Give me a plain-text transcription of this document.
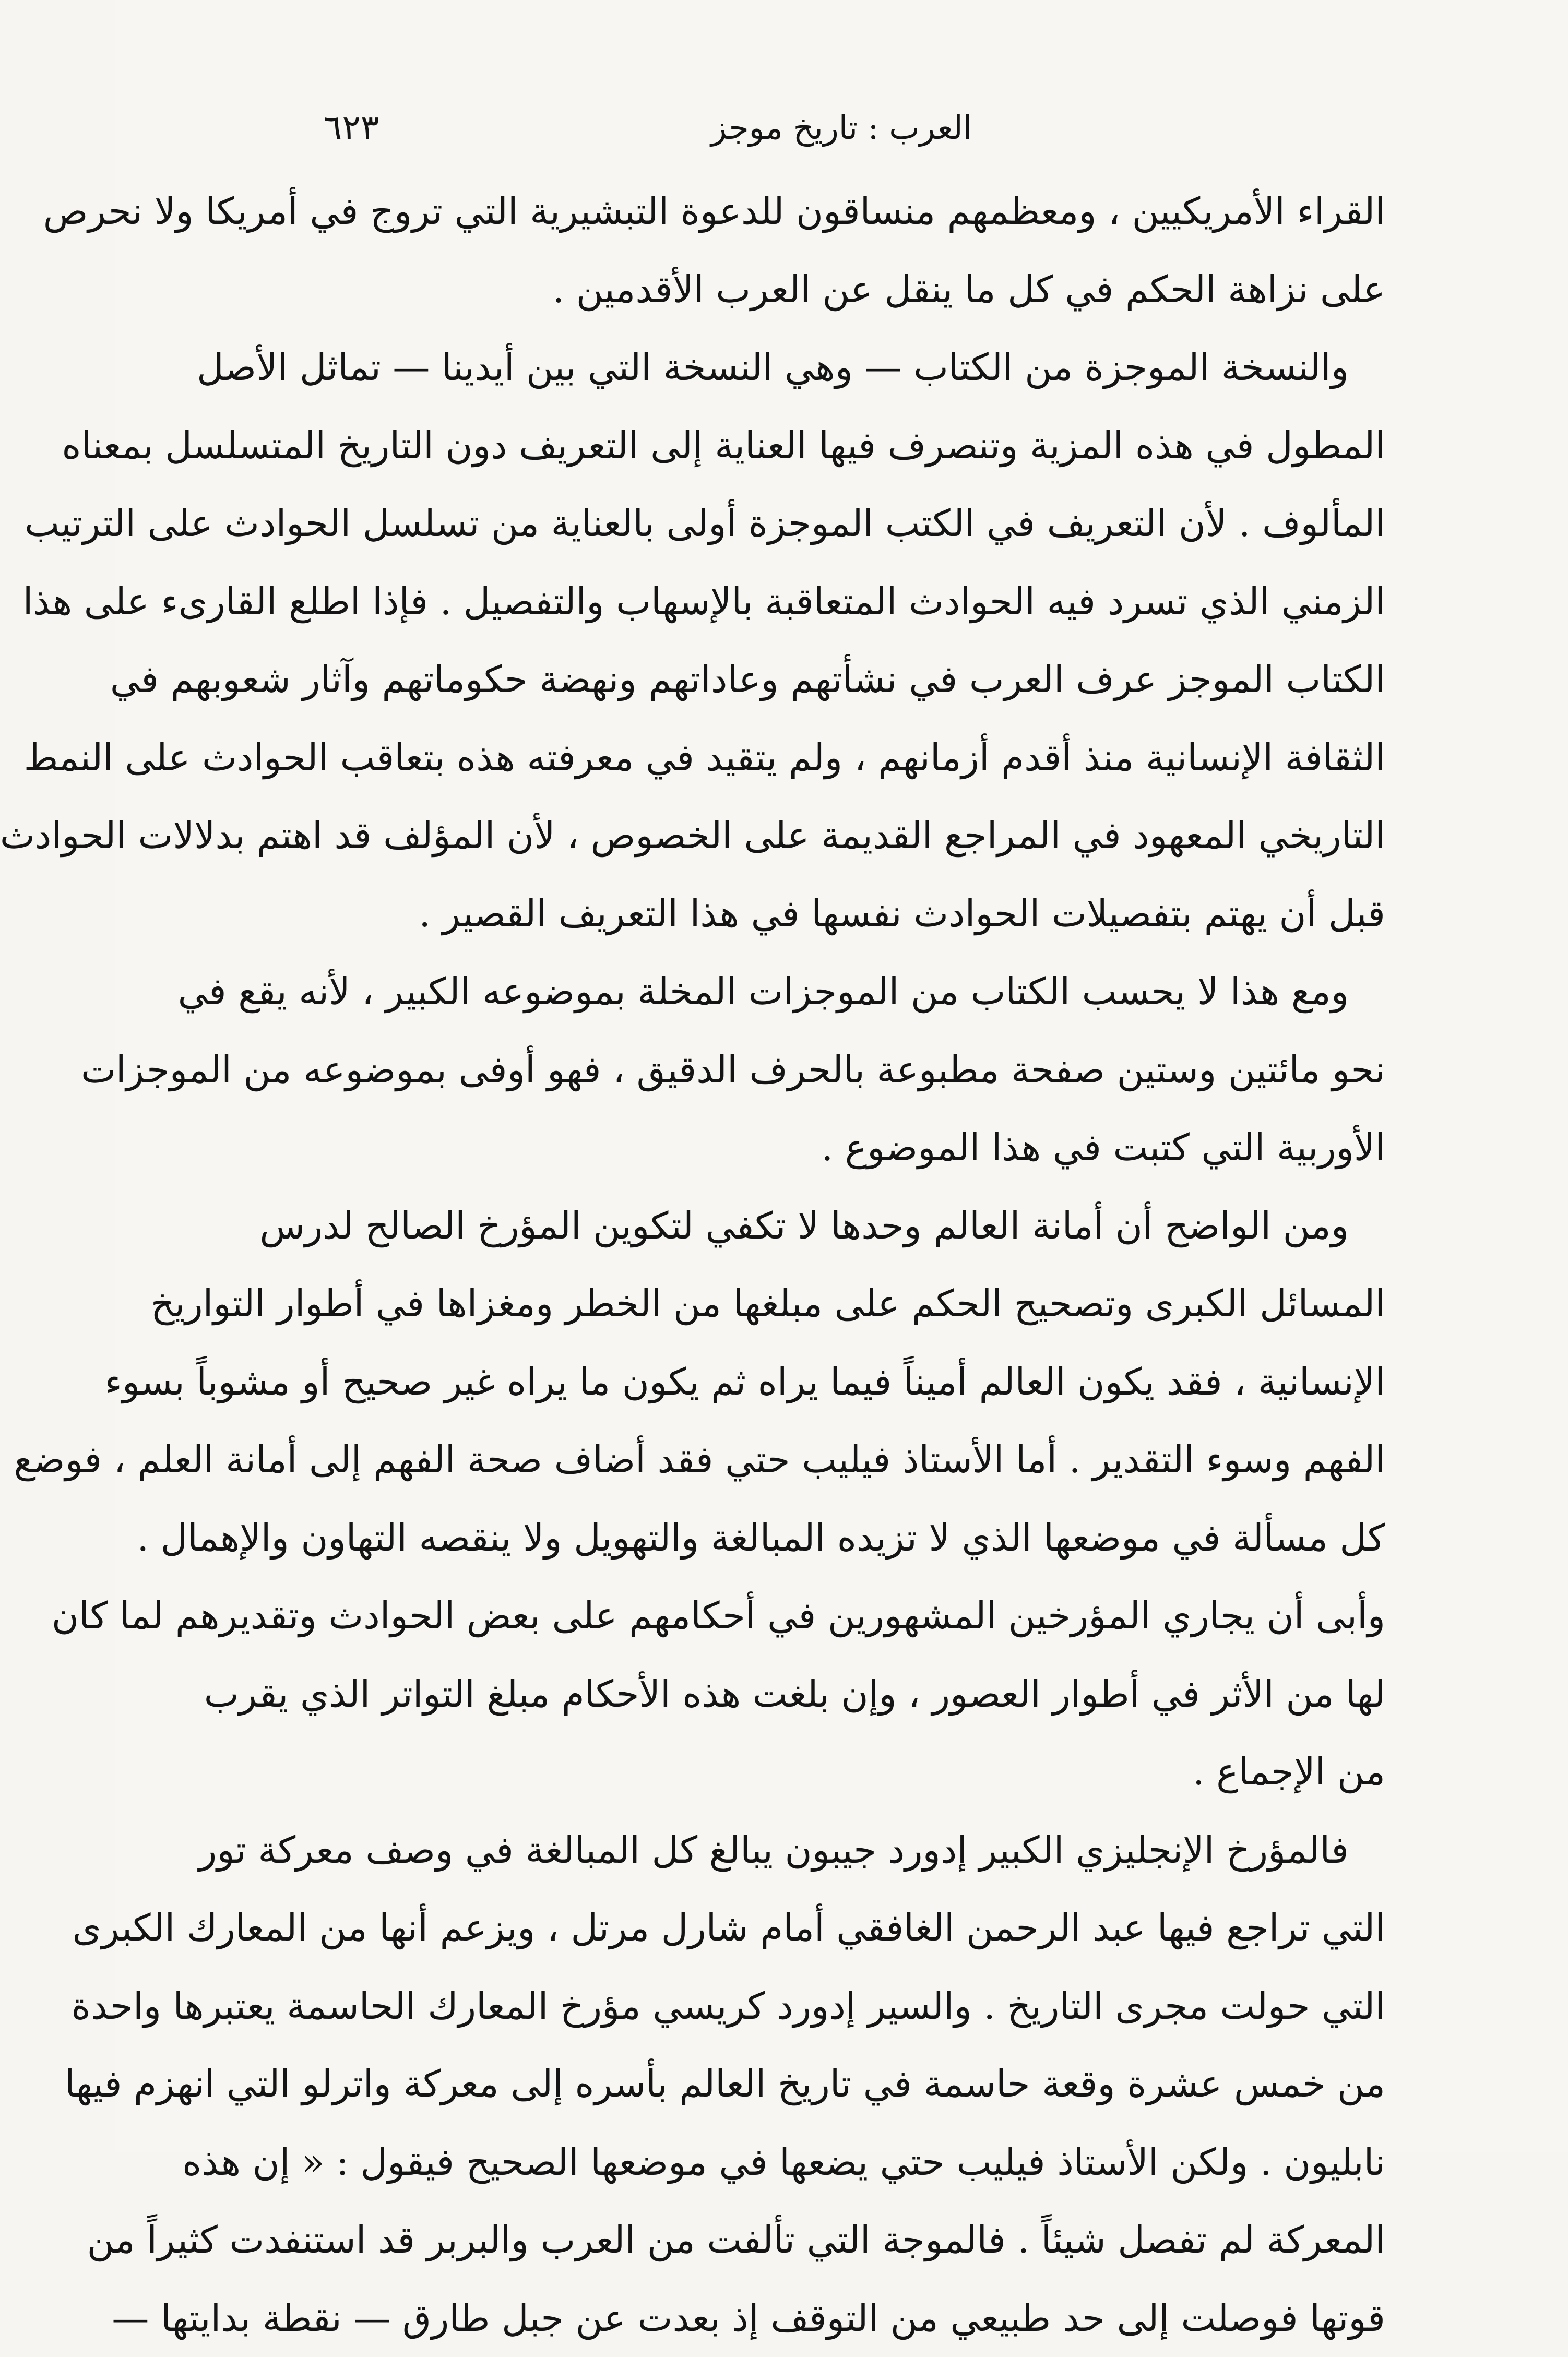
العرب : تاريخ موجز
٦٢٣
القراء الأمريكيين ، ومعظمهم منساقون للدعوة التبشيرية التي تروج في أمريكا ولا نحرص
على نزاهة الحكم في كل ما ينقل عن العرب الأقدمين .
والنسخة الموجزة من الكتاب — وهي النسخة التي بين أيدينا — تماثل الأصل
المطول في هذه المزية وتنصرف فيها العناية إلى التعريف دون التاريخ المتسلسل بمعناه
المألوف . لأن التعريف في الكتب الموجزة أولى بالعناية من تسلسل الحوادث على الترتيب
الزمني الذي تسرد فيه الحوادث المتعاقبة بالإسهاب والتفصيل . فإذا اطلع القارىء على هذا
الكتاب الموجز عرف العرب في نشأتهم وعاداتهم ونهضة حكوماتهم وآثار شعوبهم في
الثقافة الإنسانية منذ أقدم أزمانهم ، ولم يتقيد في معرفته هذه بتعاقب الحوادث على النمط
التاريخي المعهود في المراجع القديمة على الخصوص ، لأن المؤلف قد اهتم بدلالات الحوادث
قبل أن يهتم بتفصيلات الحوادث نفسها في هذا التعريف القصير .
ومع هذا لا يحسب الكتاب من الموجزات المخلة بموضوعه الكبير ، لأنه يقع في
نحو مائتين وستين صفحة مطبوعة بالحرف الدقيق ، فهو أوفى بموضوعه من الموجزات
الأوربية التي كتبت في هذا الموضوع .
ومن الواضح أن أمانة العالم وحدها لا تكفي لتكوين المؤرخ الصالح لدرس
المسائل الكبرى وتصحيح الحكم على مبلغها من الخطر ومغزاها في أطوار التواريخ
الإنسانية ، فقد يكون العالم أميناً فيما يراه ثم يكون ما يراه غير صحيح أو مشوباً بسوء
الفهم وسوء التقدير . أما الأستاذ فيليب حتي فقد أضاف صحة الفهم إلى أمانة العلم ، فوضع
كل مسألة في موضعها الذي لا تزيده المبالغة والتهويل ولا ينقصه التهاون والإهمال .
وأبى أن يجاري المؤرخين المشهورين في أحكامهم على بعض الحوادث وتقديرهم لما كان
لها من الأثر في أطوار العصور ، وإن بلغت هذه الأحكام مبلغ التواتر الذي يقرب
من الإجماع .
فالمؤرخ الإنجليزي الكبير إدورد جيبون يبالغ كل المبالغة في وصف معركة تور
التي تراجع فيها عبد الرحمن الغافقي أمام شارل مرتل ، ويزعم أنها من المعارك الكبرى
التي حولت مجرى التاريخ . والسير إدورد كريسي مؤرخ المعارك الحاسمة يعتبرها واحدة
من خمس عشرة وقعة حاسمة في تاريخ العالم بأسره إلى معركة واترلو التي انهزم فيها
نابليون . ولكن الأستاذ فيليب حتي يضعها في موضعها الصحيح فيقول : « إن هذه
المعركة لم تفصل شيئاً . فالموجة التي تألفت من العرب والبربر قد استنفدت كثيراً من
قوتها فوصلت إلى حد طبيعي من التوقف إذ بعدت عن جبل طارق — نقطة بدايتها —
